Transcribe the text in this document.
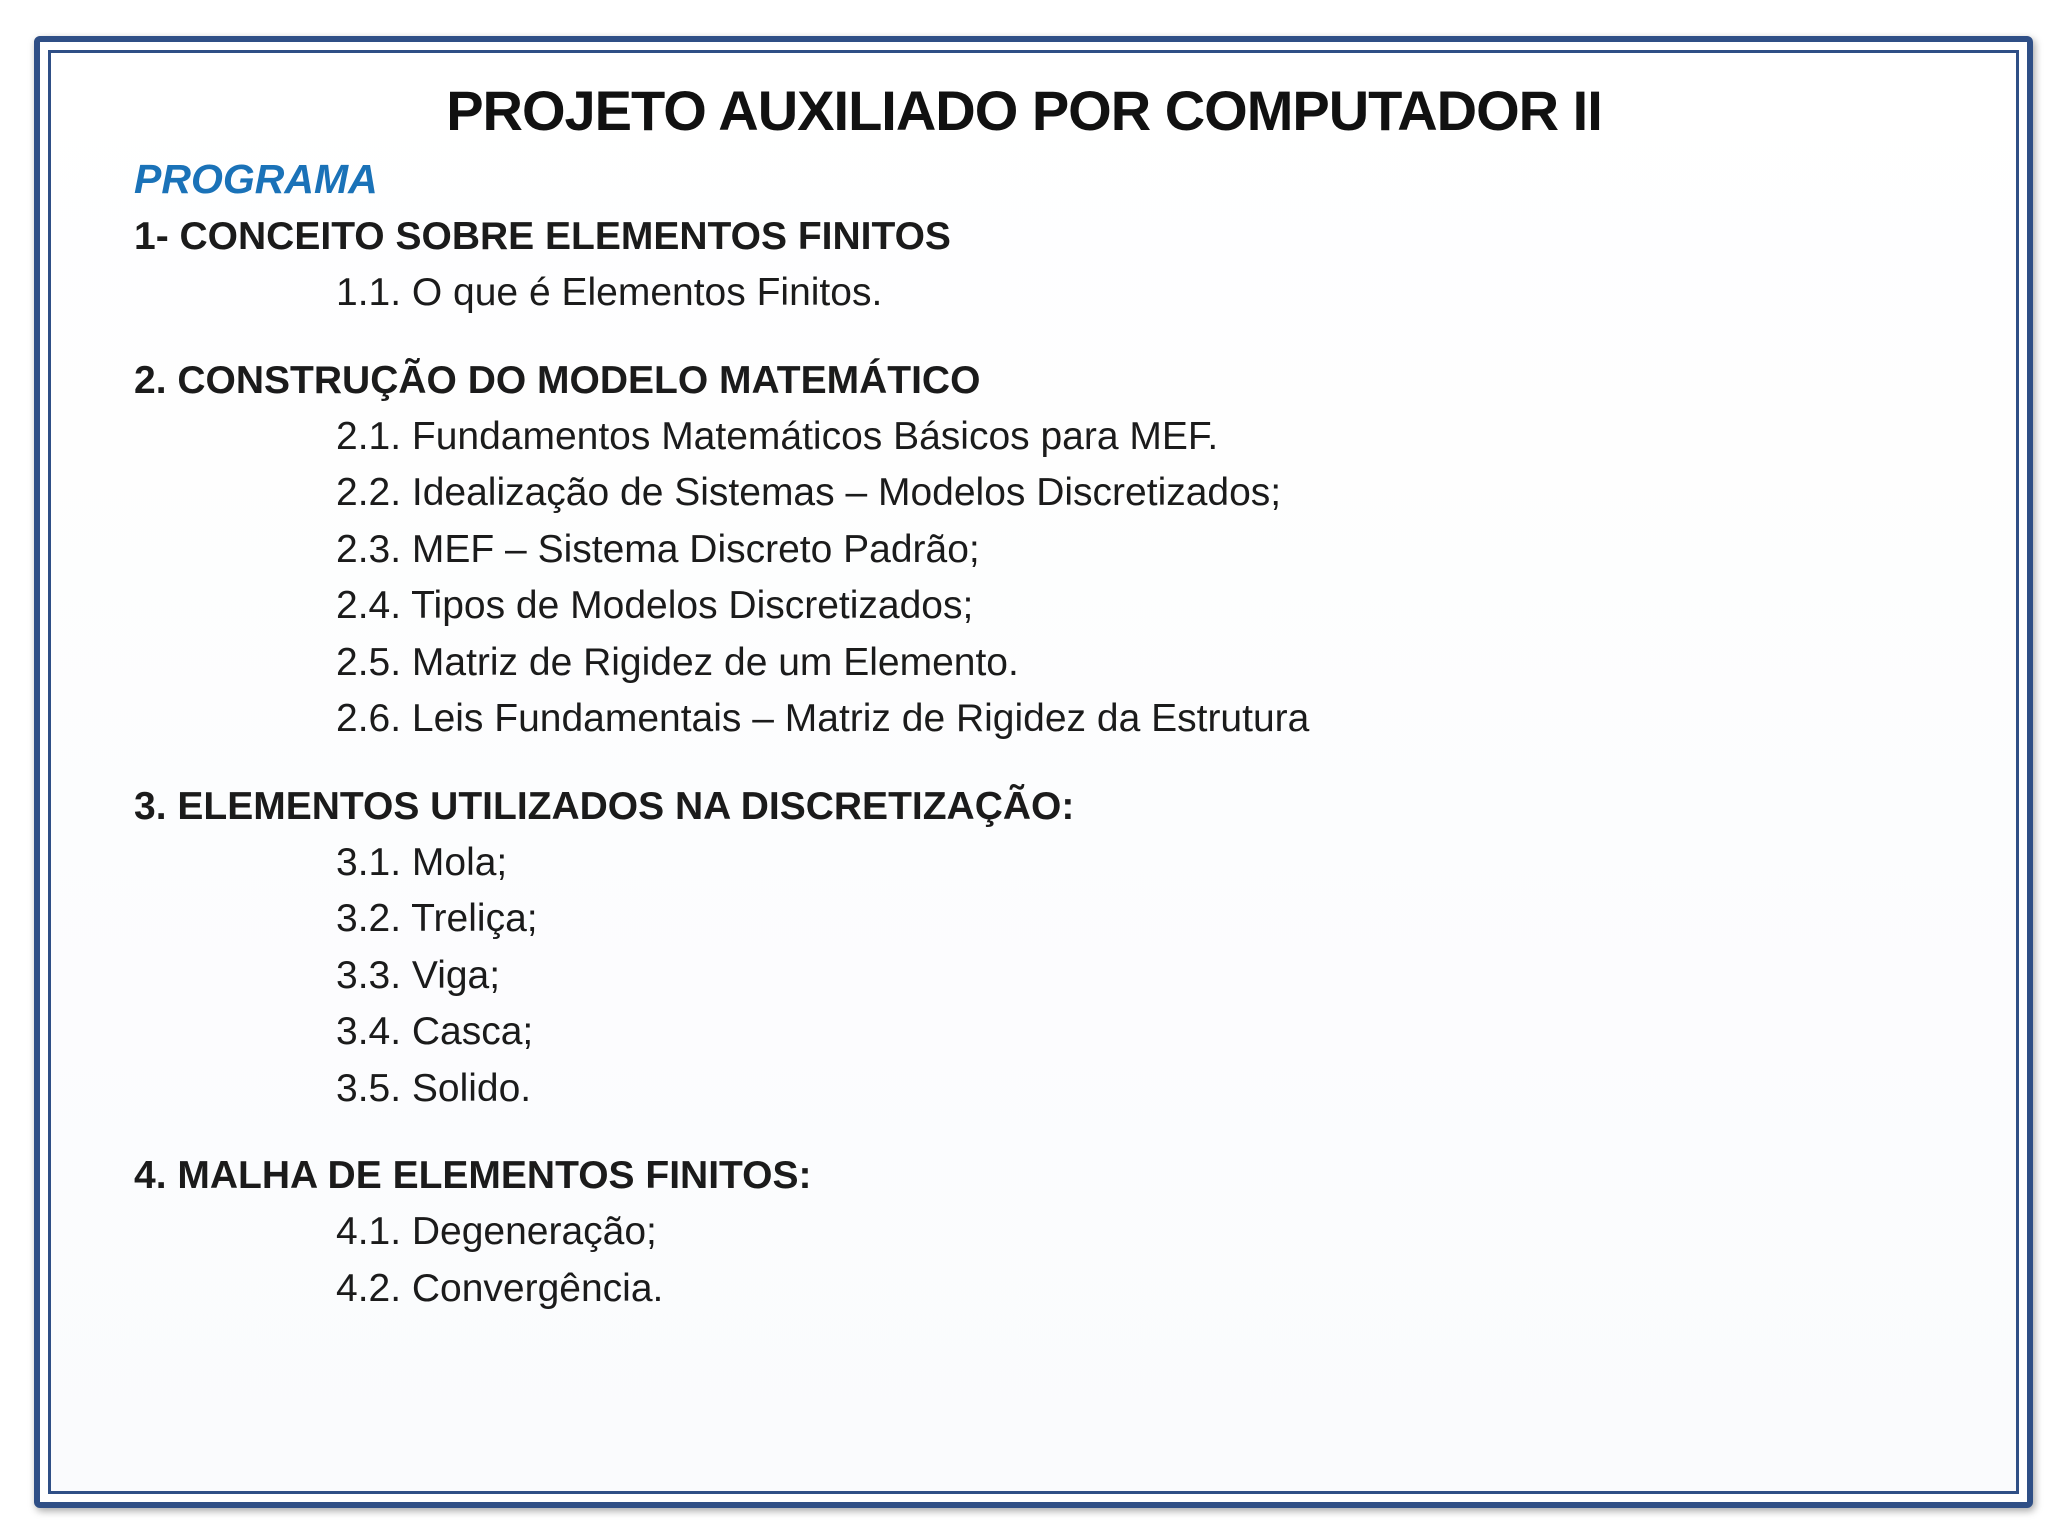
PROJETO AUXILIADO POR COMPUTADOR II
PROGRAMA
1- CONCEITO SOBRE ELEMENTOS FINITOS
1.1. O que é Elementos Finitos.
2. CONSTRUÇÃO DO MODELO MATEMÁTICO
2.1. Fundamentos Matemáticos Básicos para MEF.
2.2. Idealização de Sistemas – Modelos Discretizados;
2.3. MEF – Sistema Discreto Padrão;
2.4. Tipos de Modelos Discretizados;
2.5. Matriz de Rigidez de um Elemento.
2.6. Leis Fundamentais – Matriz de Rigidez da Estrutura
3. ELEMENTOS UTILIZADOS NA DISCRETIZAÇÃO:
3.1. Mola;
3.2. Treliça;
3.3. Viga;
3.4. Casca;
3.5. Solido.
4. MALHA DE ELEMENTOS FINITOS:
4.1. Degeneração;
4.2. Convergência.
